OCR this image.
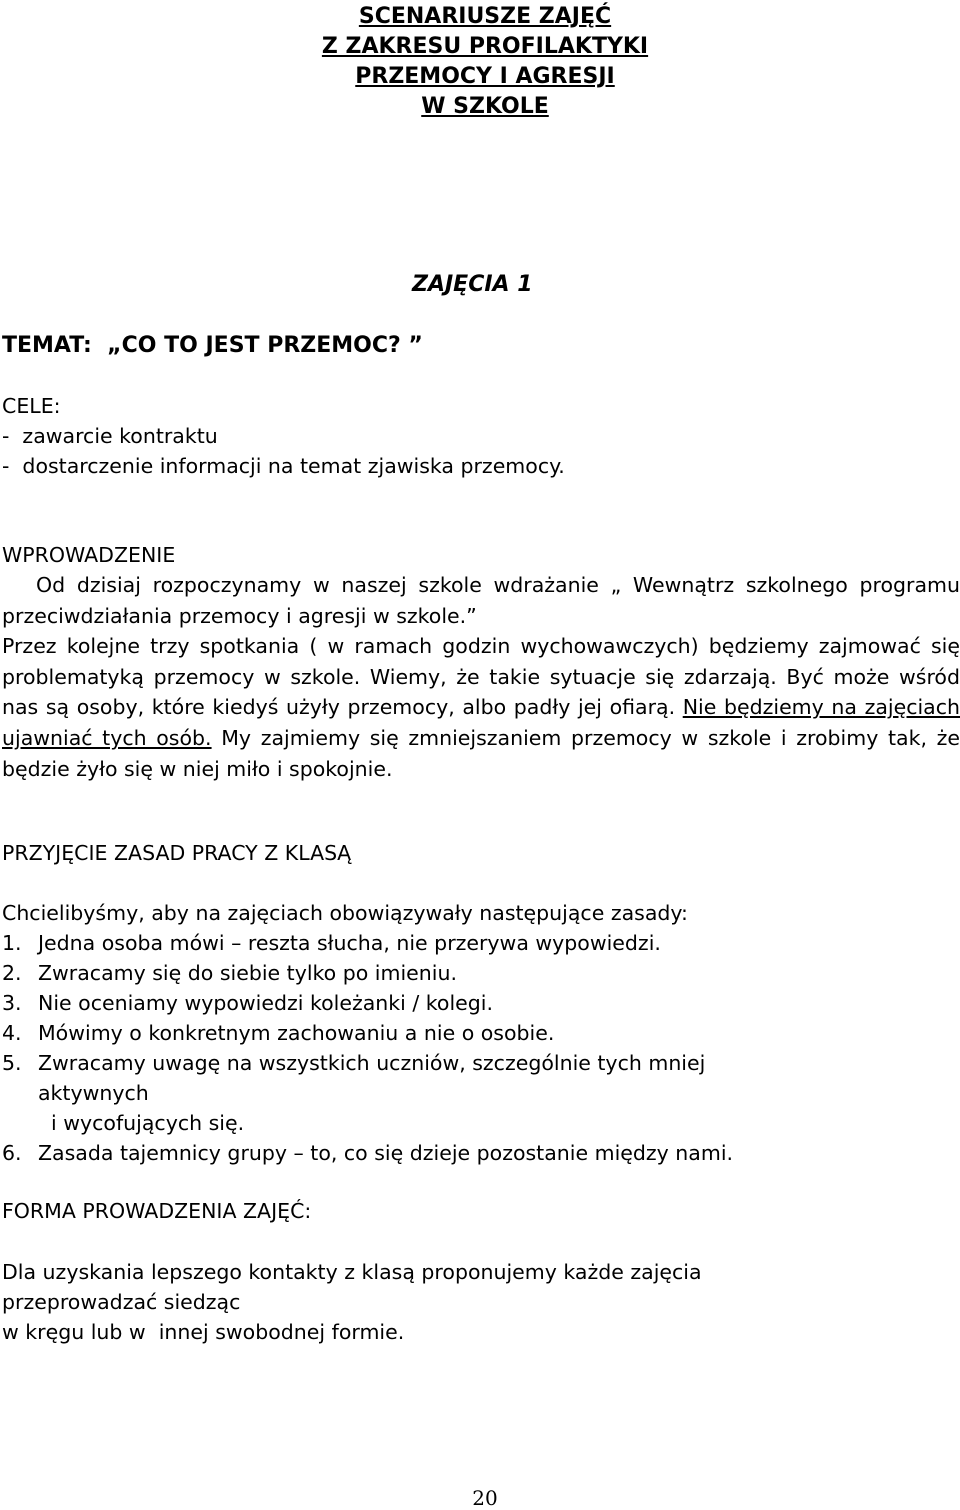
SCENARIUSZE ZAJĘĆ
Z ZAKRESU PROFILAKTYKI
PRZEMOCY I AGRESJI
W SZKOLE
ZAJĘCIA 1
TEMAT:  „CO TO JEST PRZEMOC? ”
CELE:
-  zawarcie kontraktu
-  dostarczenie informacji na temat zjawiska przemocy.
WPROWADZENIE

Od dzisiaj rozpoczynamy w naszej szkole wdrażanie „ Wewnątrz szkolnego programu przeciwdziałania przemocy i agresji w szkole.”

Przez kolejne trzy spotkania ( w ramach godzin wychowawczych) będziemy zajmować się problematyką przemocy w szkole. Wiemy, że takie sytuacje się zdarzają. Być może wśród nas są osoby, które kiedyś użyły przemocy, albo padły jej ofiarą. Nie będziemy na zajęciach ujawniać tych osób. My zajmiemy się zmniejszaniem przemocy w szkole i zrobimy tak, że będzie żyło się w niej miło i spokojnie.

PRZYJĘCIE ZASAD PRACY Z KLASĄ
Chcielibyśmy, aby na zajęciach obowiązywały następujące zasady:
1. Jedna osoba mówi – reszta słucha, nie przerywa wypowiedzi.
2. Zwracamy się do siebie tylko po imieniu.
3. Nie oceniamy wypowiedzi koleżanki / kolegi.
4. Mówimy o konkretnym zachowaniu a nie o osobie.
5. Zwracamy uwagę na wszystkich uczniów, szczególnie tych mniej
aktywnych
i wycofujących się.
6. Zasada tajemnicy grupy – to, co się dzieje pozostanie między nami.
FORMA PROWADZENIA ZAJĘĆ:
Dla uzyskania lepszego kontakty z klasą proponujemy każde zajęcia
przeprowadzać siedząc
w kręgu lub w  innej swobodnej formie.
20
